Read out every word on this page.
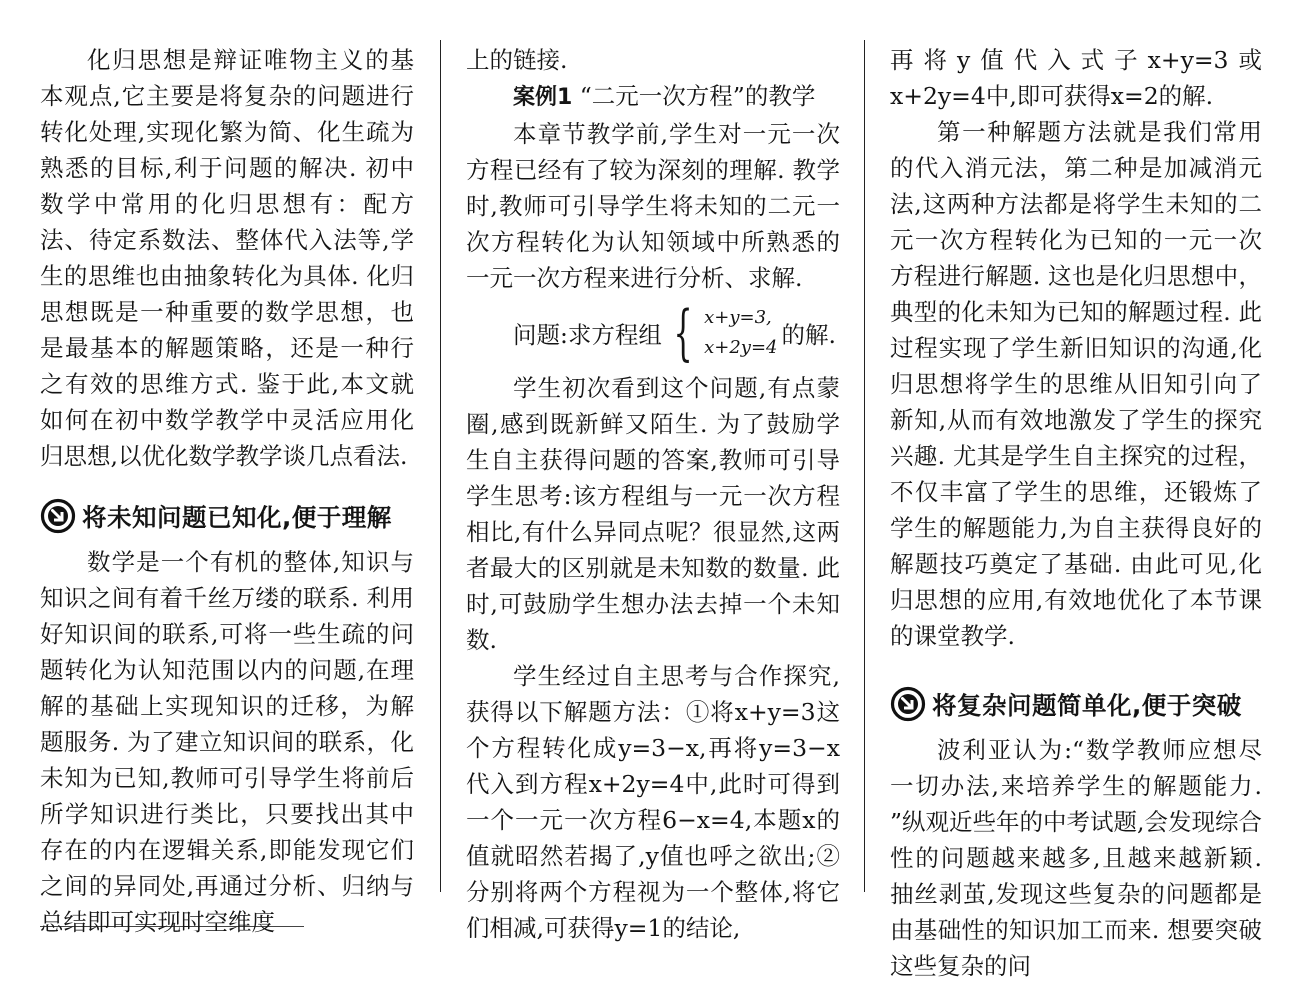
化归思想是辩证唯物主义的基本观点,它主要是将复杂的问题进行转化处理,实现化繁为简、化生疏为熟悉的目标,利于问题的解决. 初中数学中常用的化归思想有：配方法、待定系数法、整体代入法等,学生的思维也由抽象转化为具体. 化归思想既是一种重要的数学思想，也是最基本的解题策略，还是一种行之有效的思维方式. 鉴于此,本文就如何在初中数学教学中灵活应用化归思想,以优化数学教学谈几点看法.

将未知问题已知化,便于理解

数学是一个有机的整体,知识与知识之间有着千丝万缕的联系. 利用好知识间的联系,可将一些生疏的问题转化为认知范围以内的问题,在理解的基础上实现知识的迁移，为解题服务. 为了建立知识间的联系，化未知为已知,教师可引导学生将前后所学知识进行类比，只要找出其中存在的内在逻辑关系,即能发现它们之间的异同处,再通过分析、归纳与总结即可实现时空维度

上的链接.

案例1 “二元一次方程”的教学

本章节教学前,学生对一元一次方程已经有了较为深刻的理解. 教学时,教师可引导学生将未知的二元一次方程转化为认知领域中所熟悉的一元一次方程来进行分析、求解.

问题:求方程组 { x+y=3,
x+2y=4 的解.

学生初次看到这个问题,有点蒙圈,感到既新鲜又陌生. 为了鼓励学生自主获得问题的答案,教师可引导学生思考:该方程组与一元一次方程相比,有什么异同点呢？很显然,这两者最大的区别就是未知数的数量. 此时,可鼓励学生想办法去掉一个未知数.

学生经过自主思考与合作探究,获得以下解题方法：①将x+y=3这个方程转化成y=3−x,再将y=3−x代入到方程x+2y=4中,此时可得到一个一元一次方程6−x=4,本题x的值就昭然若揭了,y值也呼之欲出;②分别将两个方程视为一个整体,将它们相减,可获得y=1的结论,

再将y值代入式子x+y=3或x+2y=4中,即可获得x=2的解.

第一种解题方法就是我们常用的代入消元法，第二种是加减消元法,这两种方法都是将学生未知的二元一次方程转化为已知的一元一次方程进行解题. 这也是化归思想中，典型的化未知为已知的解题过程. 此过程实现了学生新旧知识的沟通,化归思想将学生的思维从旧知引向了新知,从而有效地激发了学生的探究兴趣. 尤其是学生自主探究的过程，不仅丰富了学生的思维，还锻炼了学生的解题能力,为自主获得良好的解题技巧奠定了基础. 由此可见,化归思想的应用,有效地优化了本节课的课堂教学.

将复杂问题简单化,便于突破

波利亚认为:“数学教师应想尽一切办法,来培养学生的解题能力. ”纵观近些年的中考试题,会发现综合性的问题越来越多,且越来越新颖. 抽丝剥茧,发现这些复杂的问题都是由基础性的知识加工而来. 想要突破这些复杂的问
